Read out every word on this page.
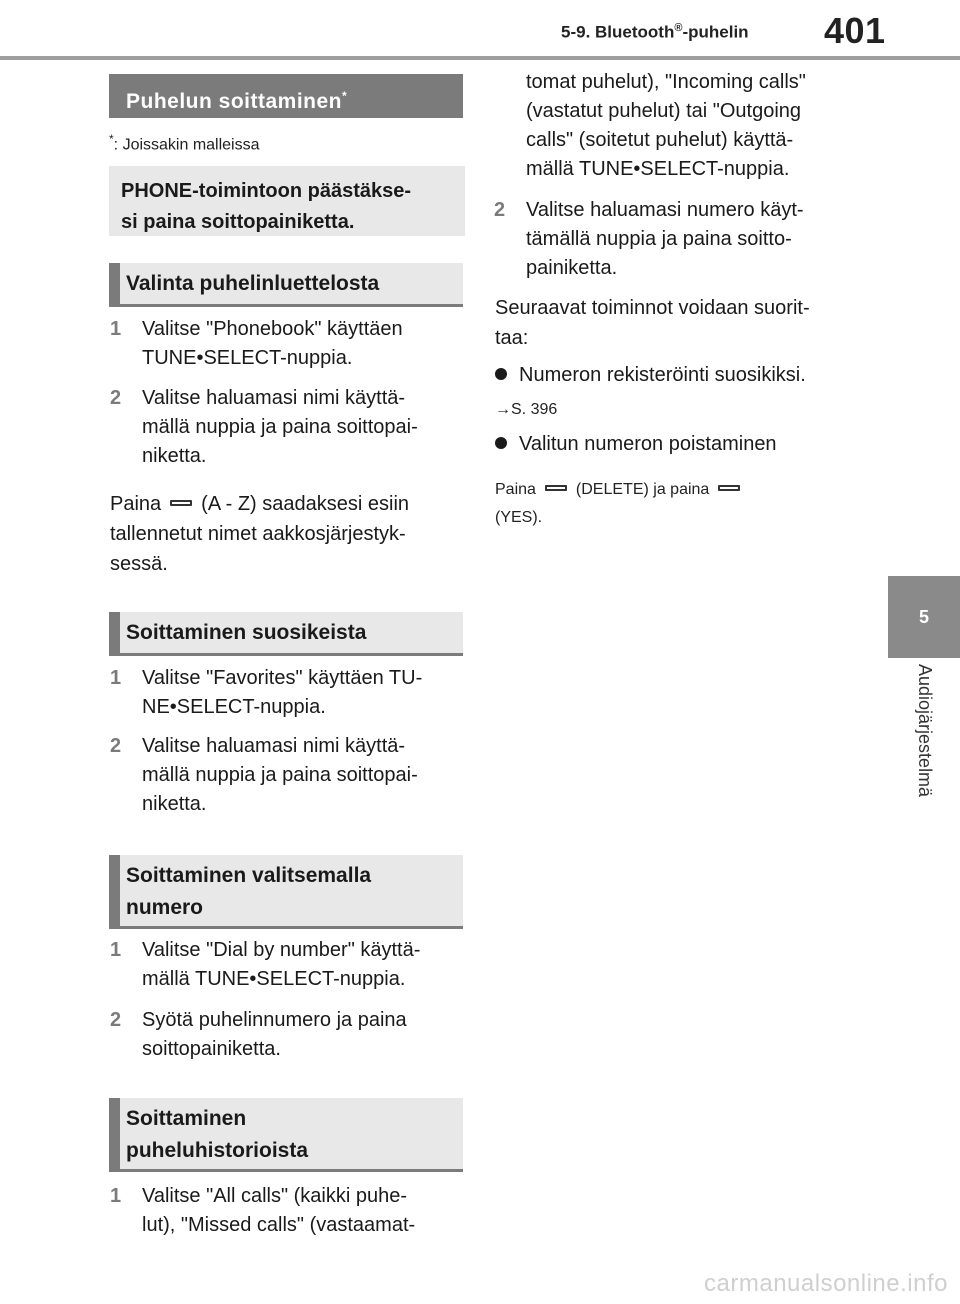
5-9. Bluetooth®-puhelin 401
5
Audiojärjestelmä
Puhelun soittaminen*
*: Joissakin malleissa
PHONE-toimintoon päästäkse-
si paina soittopainiketta.
Valinta puhelinluettelosta
1 Valitse "Phonebook" käyttäen
TUNE•SELECT-nuppia.
2 Valitse haluamasi nimi käyttä-
mällä nuppia ja paina soittopai-
niketta.
Paina (A - Z) saadaksesi esiin
tallennetut nimet aakkosjärjestyk-
sessä.
Soittaminen suosikeista
1 Valitse "Favorites" käyttäen TU-
NE•SELECT-nuppia.
2 Valitse haluamasi nimi käyttä-
mällä nuppia ja paina soittopai-
niketta.
Soittaminen valitsemalla
numero
1 Valitse "Dial by number" käyttä-
mällä TUNE•SELECT-nuppia.
2 Syötä puhelinnumero ja paina
soittopainiketta.
Soittaminen
puheluhistorioista
1 Valitse "All calls" (kaikki puhe-
lut), "Missed calls" (vastaamat-
tomat puhelut), "Incoming calls"
(vastatut puhelut) tai "Outgoing
calls" (soitetut puhelut) käyttä-
mällä TUNE•SELECT-nuppia.
2 Valitse haluamasi numero käyt-
tämällä nuppia ja paina soitto-
painiketta.
Seuraavat toiminnot voidaan suorit-
taa:
Numeron rekisteröinti suosikiksi.
→S. 396
Valitun numeron poistaminen
Paina	(DELETE) ja paina
(YES).
carmanualsonline.info
